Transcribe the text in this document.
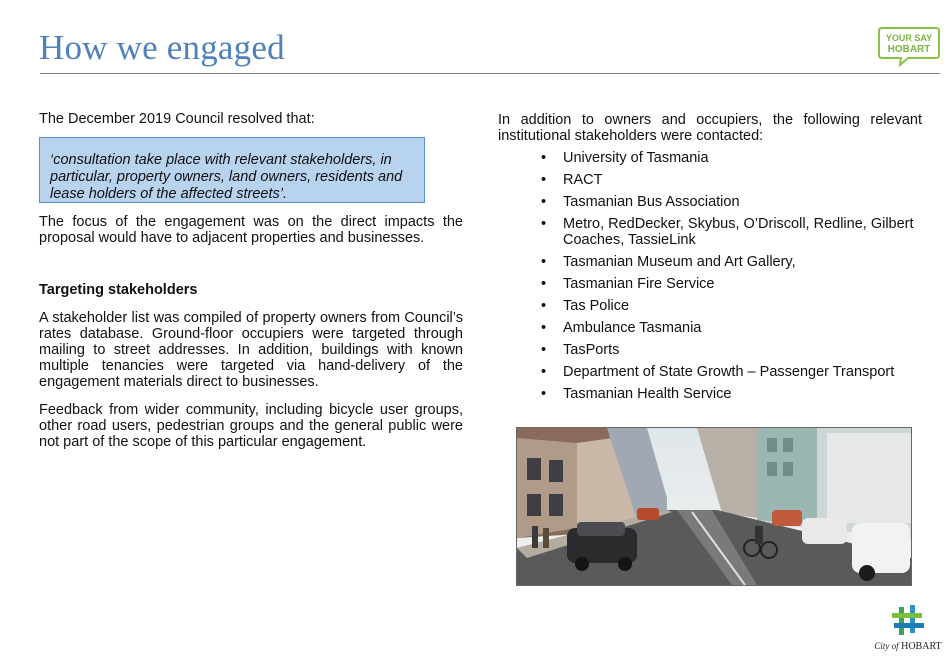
How we engaged	YOUR SAY
HOBART

The December 2019 Council resolved that:

‘consultation take place with relevant stakeholders, in particular, property owners, land owners, residents and lease holders of the affected streets’.

The focus of the engagement was on the direct impacts the proposal would have to adjacent properties and businesses.

Targeting stakeholders

A stakeholder list was compiled of property owners from Council’s rates database. Ground-floor occupiers were targeted through mailing to street addresses. In addition, buildings with known multiple tenancies were targeted via hand-delivery of the engagement materials direct to businesses.

Feedback from wider community, including bicycle user groups, other road users, pedestrian groups and the general public were not part of the scope of this particular engagement.

In addition to owners and occupiers, the following relevant institutional stakeholders were contacted:

• University of Tasmania
• RACT
• Tasmanian Bus Association
• Metro, RedDecker, Skybus, O’Driscoll, Redline, Gilbert Coaches, TassieLink
• Tasmanian Museum and Art Gallery,
• Tasmanian Fire Service
• Tas Police
• Ambulance Tasmania
• TasPorts
• Department of State Growth – Passenger Transport
• Tasmanian Health Service
City of HOBART
